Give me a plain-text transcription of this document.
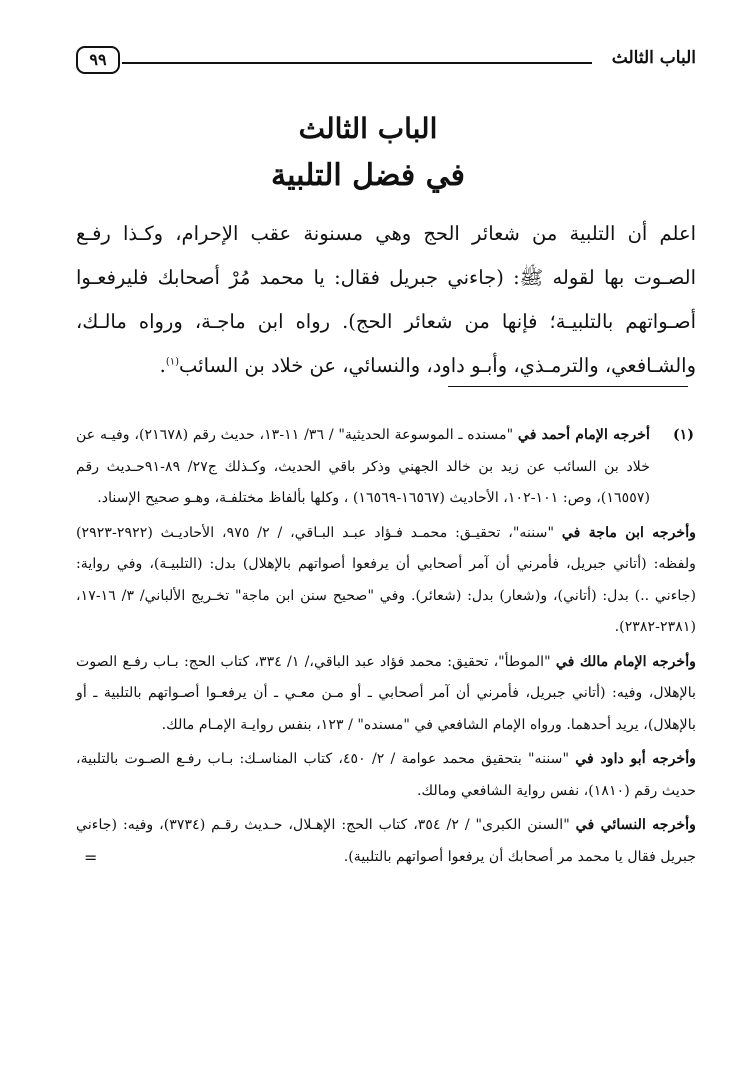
الباب الثالث
٩٩
الباب الثالث
في فضل التلبية

اعلم أن التلبية من شعائر الحج وهي مسنونة عقب الإحرام، وكـذا رفـع الصـوت بها لقوله ﷺ: (جاءني جبريل فقال: يا محمد مُرْ أصحابك فليرفعـوا أصـواتهم بالتلبيـة؛ فإنها من شعائر الحج). رواه ابن ماجـة، ورواه مالـك، والشـافعي، والترمـذي، وأبـو داود، والنسائي، عن خلاد بن السائب$^{(١)}$.

(١)
أخرجه الإمام أحمد في "مسنده ـ الموسوعة الحديثية" / ٣٦/ ١١-١٣، حديث رقم (٢١٦٧٨)، وفيـه عن خلاد بن السائب عن زيد بن خالد الجهني وذكر باقي الحديث، وكـذلك ج٢٧/ ٨٩-٩١حـديث رقم (١٦٥٥٧)، وص: ١٠١-١٠٢، الأحاديث (١٦٥٦٧-١٦٥٦٩) ، وكلها بألفاظ مختلفـة، وهـو صحيح الإسناد.
وأخرجه ابن ماجة في "سننه"، تحقيـق: محمـد فـؤاد عبـد البـاقي، / ٢/ ٩٧٥، الأحاديـث (٢٩٢٢-٢٩٢٣) ولفظه: (أتاني جبريل، فأمرني أن آمر أصحابي أن يرفعوا أصواتهم بالإهلال) بدل: (التلبيـة)، وفي رواية: (جاءني ..) بدل: (أتاني)، و(شعار) بدل: (شعائر). وفي "صحيح سنن ابن ماجة" تخـريج الألباني/ ٣/ ١٦-١٧، (٢٣٨١-٢٣٨٢).
وأخرجه الإمام مالك في "الموطأ"، تحقيق: محمد فؤاد عبد الباقي،/ ١/ ٣٣٤، كتاب الحج: بـاب رفـع الصوت بالإهلال، وفيه: (أتاني جبريل، فأمرني أن آمر أصحابي ـ أو مـن معـي ـ أن يرفعـوا أصـواتهم بالتلبية ـ أو بالإهلال)، يريد أحدهما. ورواه الإمام الشافعي في "مسنده" / ١٢٣، بنفس روايـة الإمـام مالك.
وأخرجه أبو داود في "سننه" بتحقيق محمد عوامة / ٢/ ٤٥٠، كتاب المناسـك: بـاب رفـع الصـوت بالتلبية، حديث رقم (١٨١٠)، نفس رواية الشافعي ومالك.
وأخرجه النسائي في "السنن الكبرى" / ٢/ ٣٥٤، كتاب الحج: الإهـلال، حـديث رقـم (٣٧٣٤)، وفيه: (جاءني جبريل فقال يا محمد مر أصحابك أن يرفعوا أصواتهم بالتلبية).
=
